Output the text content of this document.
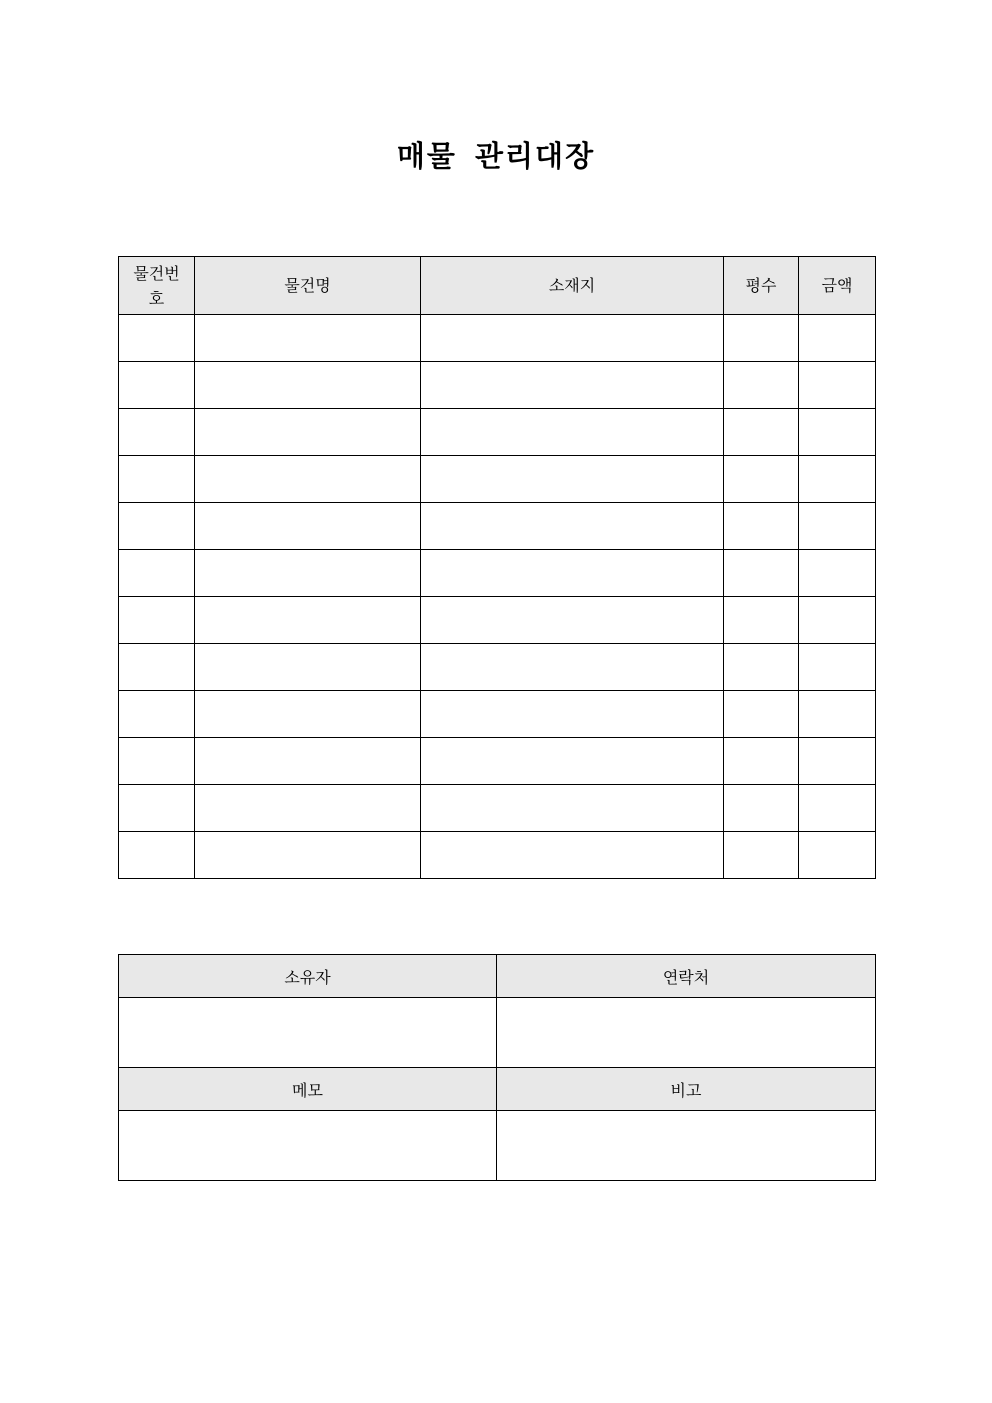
매물 관리대장
물건번호	물건명	소재지	평수	금액

소유자	연락처

메모	비고
